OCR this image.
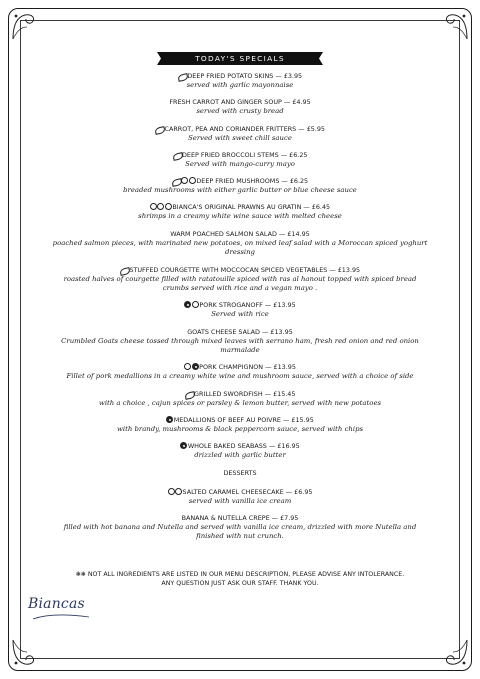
TODAY'S SPECIALS
DEEP FRIED POTATO SKINS — £3.95
served with garlic mayonnaise
FRESH CARROT AND GINGER SOUP — £4.95
served with crusty bread
CARROT, PEA AND CORIANDER FRITTERS — £5.95
Served with sweet chill sauce
DEEP FRIED BROCCOLI STEMS — £6.25
Served with mango-curry mayo
DEEP FRIED MUSHROOMS — £6.25
breaded mushrooms with either garlic butter or blue cheese sauce
BIANCA'S ORIGINAL PRAWNS AU GRATIN — £6.45
shrimps in a creamy white wine sauce with melted cheese
WARM POACHED SALMON SALAD — £14.95
poached salmon pieces, with marinated new potatoes, on mixed leaf salad with a Moroccan spiced yoghurt dressing
STUFFED COURGETTE WITH MOCCOCAN SPICED VEGETABLES — £13.95
roasted halves of courgette filled with ratatouille spiced with ras al hanout topped with spiced bread crumbs served with rice and a vegan mayo .
PORK STROGANOFF — £13.95
Served with rice
GOATS CHEESE SALAD — £13.95
Crumbled Goats cheese tossed through mixed leaves with serrano ham, fresh red onion and red onion marmalade
PORK CHAMPIGNON — £13.95
Fillet of pork medallions in a creamy white wine and mushroom sauce, served with a choice of side
GRILLED SWORDFISH — £15.45
with a choice , cajun spices or parsley & lemon butter, served with new potatoes
MEDALLIONS OF BEEF AU POIVRE — £15.95
with brandy, mushrooms & black peppercorn sauce, served with chips
WHOLE BAKED SEABASS — £16.95
drizzled with garlic butter
DESSERTS
SALTED CARAMEL CHEESECAKE — £6.95
served with vanilla ice cream
BANANA & NUTELLA CREPE — £7.95
filled with hot banana and Nutella and served with vanilla ice cream, drizzled with more Nutella and finished with nut crunch.
❃❃ NOT ALL INGREDIENTS ARE LISTED IN OUR MENU DESCRIPTION, PLEASE ADVISE ANY INTOLERANCE.
ANY QUESTION JUST ASK OUR STAFF. THANK YOU.
Biancas
